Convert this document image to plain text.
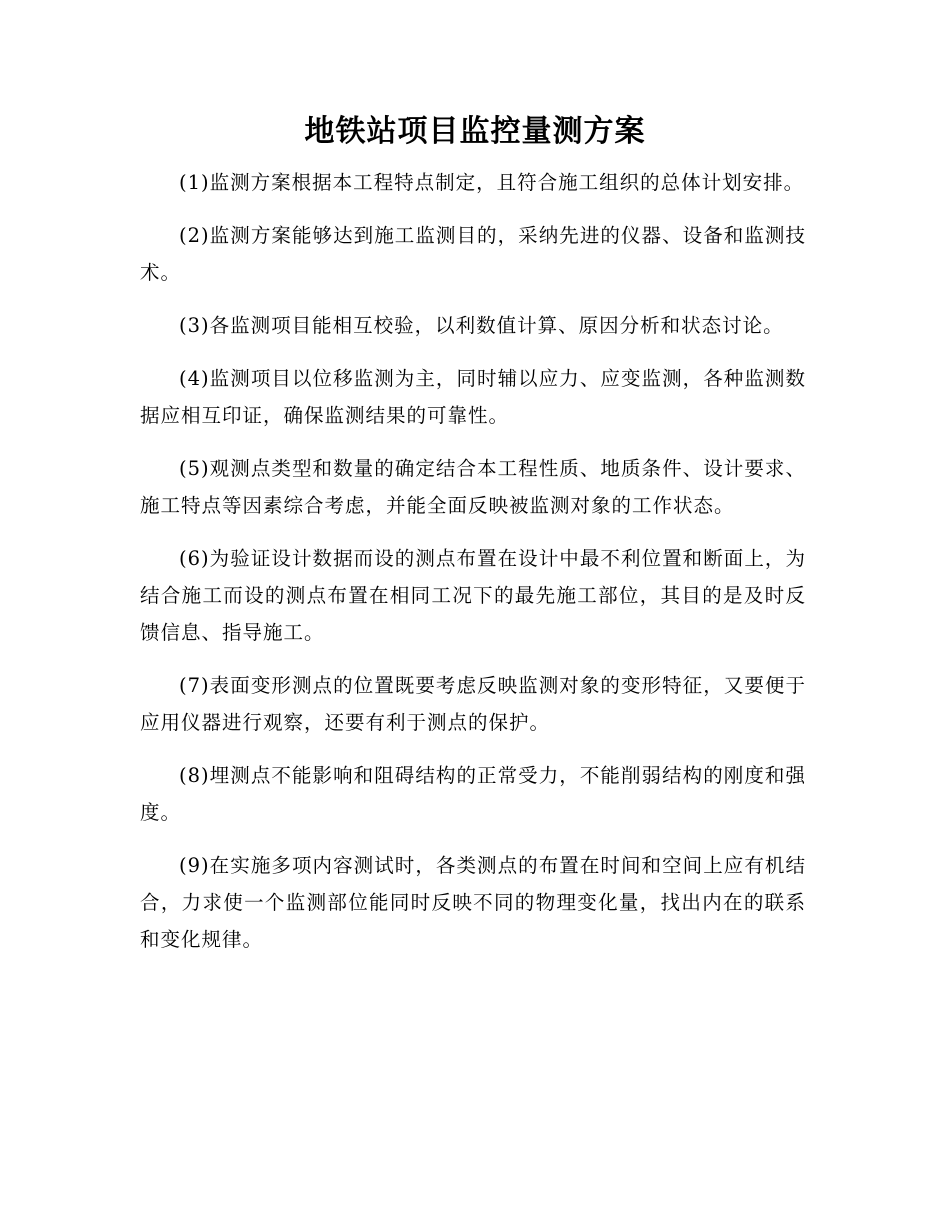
地铁站项目监控量测方案

(1)监测方案根据本工程特点制定，且符合施工组织的总体计划安排。

(2)监测方案能够达到施工监测目的，采纳先进的仪器、设备和监测技术。

(3)各监测项目能相互校验，以利数值计算、原因分析和状态讨论。

(4)监测项目以位移监测为主，同时辅以应力、应变监测，各种监测数据应相互印证，确保监测结果的可靠性。

(5)观测点类型和数量的确定结合本工程性质、地质条件、设计要求、施工特点等因素综合考虑，并能全面反映被监测对象的工作状态。

(6)为验证设计数据而设的测点布置在设计中最不利位置和断面上，为结合施工而设的测点布置在相同工况下的最先施工部位，其目的是及时反馈信息、指导施工。

(7)表面变形测点的位置既要考虑反映监测对象的变形特征，又要便于应用仪器进行观察，还要有利于测点的保护。

(8)埋测点不能影响和阻碍结构的正常受力，不能削弱结构的刚度和强度。

(9)在实施多项内容测试时，各类测点的布置在时间和空间上应有机结合，力求使一个监测部位能同时反映不同的物理变化量，找出内在的联系和变化规律。
